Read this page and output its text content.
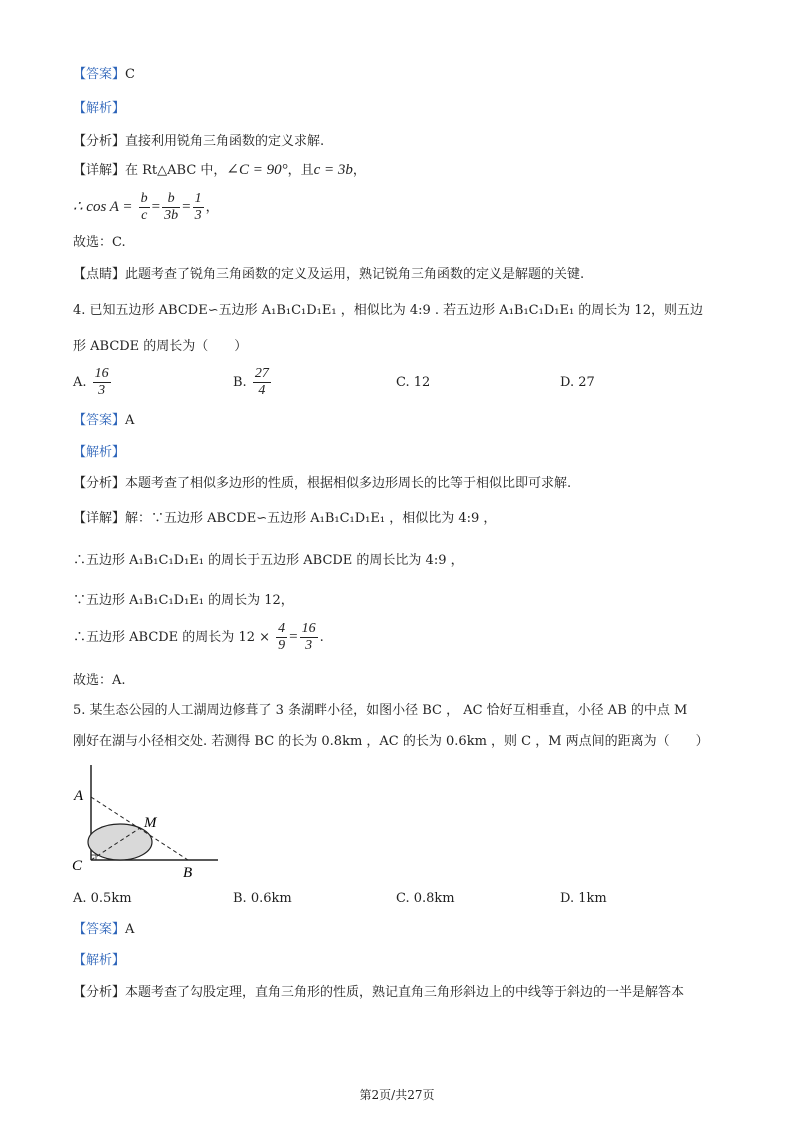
【答案】C
【解析】
【分析】直接利用锐角三角函数的定义求解.
【详解】在 Rt△ABC 中，∠C = 90°，且c = 3b，
∴ $\cos A = \frac{b}{c} = \frac{b}{3b} = \frac{1}{3}$ ，
故选：C.
【点睛】此题考查了锐角三角函数的定义及运用，熟记锐角三角函数的定义是解题的关键.
4. 已知五边形 ABCDE∽五边形 A₁B₁C₁D₁E₁ ，相似比为 4:9 . 若五边形 A₁B₁C₁D₁E₁ 的周长为 12，则五边
形 ABCDE 的周长为（　　）
A. $\frac{16}{3}$	B. $\frac{27}{4}$	C. 12	D. 27
【答案】A
【解析】
【分析】本题考查了相似多边形的性质，根据相似多边形周长的比等于相似比即可求解.
【详解】解：∵五边形 ABCDE∽五边形 A₁B₁C₁D₁E₁ ，相似比为 4:9 ，
∴五边形 A₁B₁C₁D₁E₁ 的周长于五边形 ABCDE 的周长比为 4:9 ，
∵五边形 A₁B₁C₁D₁E₁ 的周长为 12，
∴五边形 ABCDE 的周长为 $12 \times \frac{4}{9} = \frac{16}{3}$ .
故选：A.
5. 某生态公园的人工湖周边修葺了 3 条湖畔小径，如图小径 BC ， AC 恰好互相垂直，小径 AB 的中点 M
刚好在湖与小径相交处. 若测得 BC 的长为 0.8km ，AC 的长为 0.6km ，则 C ，M 两点间的距离为（　　）
A
M
C	B
A. 0.5km	B. 0.6km	C. 0.8km	D. 1km
【答案】A
【解析】
【分析】本题考查了勾股定理，直角三角形的性质，熟记直角三角形斜边上的中线等于斜边的一半是解答本
第2页/共27页
